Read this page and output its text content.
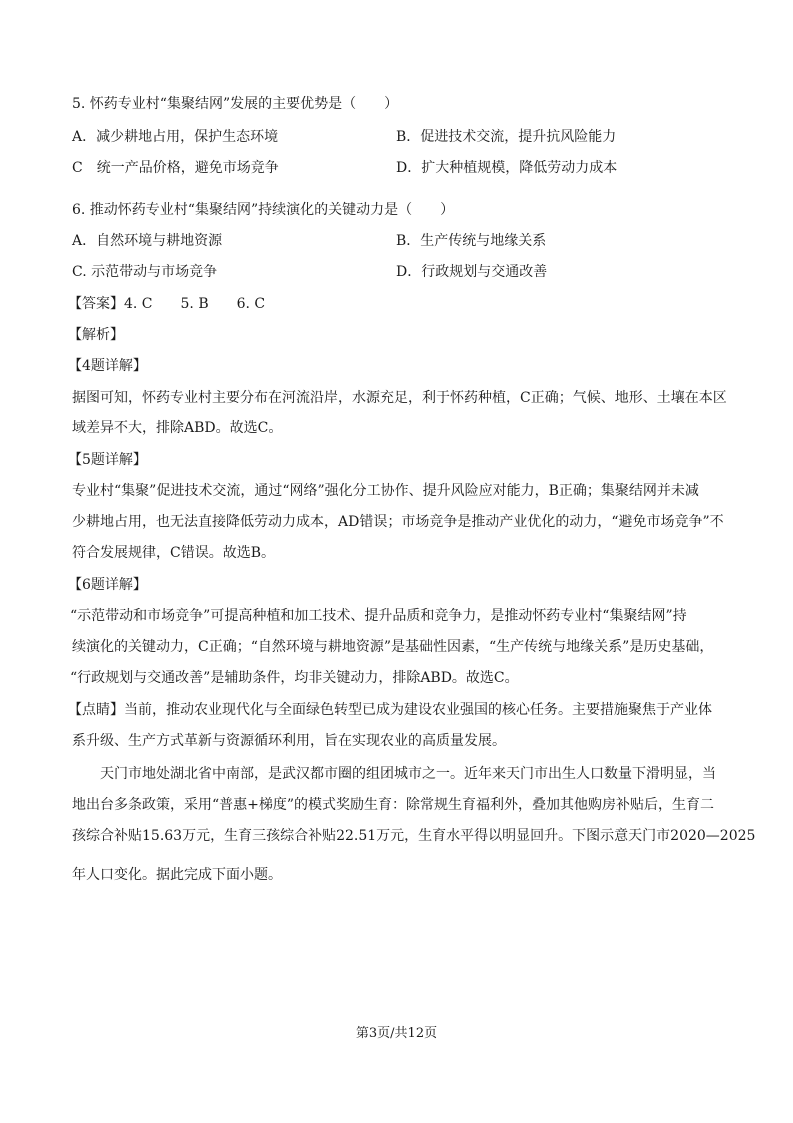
5. 怀药专业村“集聚结网”发展的主要优势是（　　）
A．减少耕地占用，保护生态环境	B．促进技术交流，提升抗风险能力
C　统一产品价格，避免市场竞争	D．扩大种植规模，降低劳动力成本
6. 推动怀药专业村“集聚结网”持续演化的关键动力是（　　）
A．自然环境与耕地资源	B．生产传统与地缘关系
C. 示范带动与市场竞争	D．行政规划与交通改善
【答案】4. C　　5. B　　6. C
【解析】
【4题详解】
据图可知，怀药专业村主要分布在河流沿岸，水源充足，利于怀药种植，C正确；气候、地形、土壤在本区
域差异不大，排除ABD。故选C。
【5题详解】
专业村“集聚”促进技术交流，通过“网络”强化分工协作、提升风险应对能力，B正确；集聚结网并未减
少耕地占用，也无法直接降低劳动力成本，AD错误；市场竞争是推动产业优化的动力，“避免市场竞争”不
符合发展规律，C错误。故选B。
【6题详解】
“示范带动和市场竞争”可提高种植和加工技术、提升品质和竞争力，是推动怀药专业村“集聚结网”持
续演化的关键动力，C正确；“自然环境与耕地资源”是基础性因素，“生产传统与地缘关系”是历史基础，
“行政规划与交通改善”是辅助条件，均非关键动力，排除ABD。故选C。
【点睛】当前，推动农业现代化与全面绿色转型已成为建设农业强国的核心任务。主要措施聚焦于产业体
系升级、生产方式革新与资源循环利用，旨在实现农业的高质量发展。
天门市地处湖北省中南部，是武汉都市圈的组团城市之一。近年来天门市出生人口数量下滑明显，当
地出台多条政策，采用“普惠+梯度”的模式奖励生育：除常规生育福利外，叠加其他购房补贴后，生育二
孩综合补贴15.63万元，生育三孩综合补贴22.51万元，生育水平得以明显回升。下图示意天门市2020—2025
年人口变化。据此完成下面小题。
第3页/共12页
